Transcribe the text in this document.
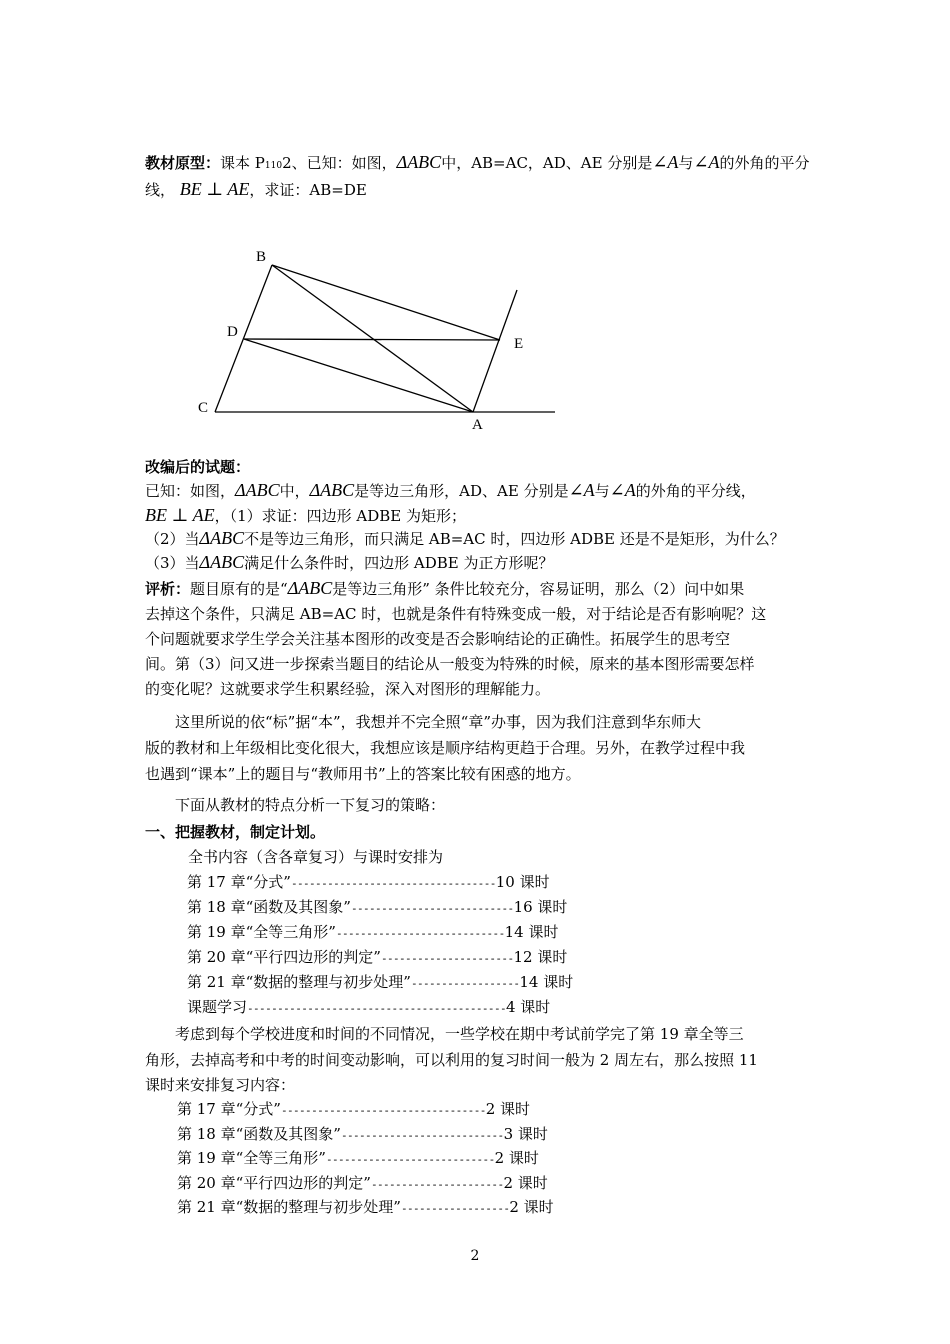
教材原型：课本 P1102、已知：如图，ΔABC中，AB=AC，AD、AE 分别是∠A与∠A的外角的平分
线， BE ⊥ AE，求证：AB=DE
B
D
C
E
A
改编后的试题：
已知：如图，ΔABC中，ΔABC是等边三角形，AD、AE 分别是∠A与∠A的外角的平分线，
BE ⊥ AE，（1）求证：四边形 ADBE 为矩形；
（2）当ΔABC不是等边三角形，而只满足 AB=AC 时，四边形 ADBE 还是不是矩形，为什么？
（3）当ΔABC满足什么条件时，四边形 ADBE 为正方形呢？
评析：题目原有的是“ΔABC是等边三角形” 条件比较充分，容易证明，那么（2）问中如果
去掉这个条件，只满足 AB=AC 时，也就是条件有特殊变成一般，对于结论是否有影响呢？这
个问题就要求学生学会关注基本图形的改变是否会影响结论的正确性。拓展学生的思考空
间。第（3）问又进一步探索当题目的结论从一般变为特殊的时候，原来的基本图形需要怎样
的变化呢？这就要求学生积累经验，深入对图形的理解能力。
这里所说的依“标”据“本”，我想并不完全照“章”办事，因为我们注意到华东师大
版的教材和上年级相比变化很大，我想应该是顺序结构更趋于合理。另外，在教学过程中我
也遇到“课本”上的题目与“教师用书”上的答案比较有困惑的地方。
下面从教材的特点分析一下复习的策略：
一、把握教材，制定计划。
全书内容（含各章复习）与课时安排为
第 17 章“分式”----------------------------------10 课时
第 18 章“函数及其图象”---------------------------16 课时
第 19 章“全等三角形”----------------------------14 课时
第 20 章“平行四边形的判定”----------------------12 课时
第 21 章“数据的整理与初步处理”------------------14 课时
课题学习-------------------------------------------4 课时
考虑到每个学校进度和时间的不同情况，一些学校在期中考试前学完了第 19 章全等三
角形，去掉高考和中考的时间变动影响，可以利用的复习时间一般为 2 周左右，那么按照 11
课时来安排复习内容：
第 17 章“分式”----------------------------------2 课时
第 18 章“函数及其图象”---------------------------3 课时
第 19 章“全等三角形”----------------------------2 课时
第 20 章“平行四边形的判定”----------------------2 课时
第 21 章“数据的整理与初步处理”------------------2 课时
2
